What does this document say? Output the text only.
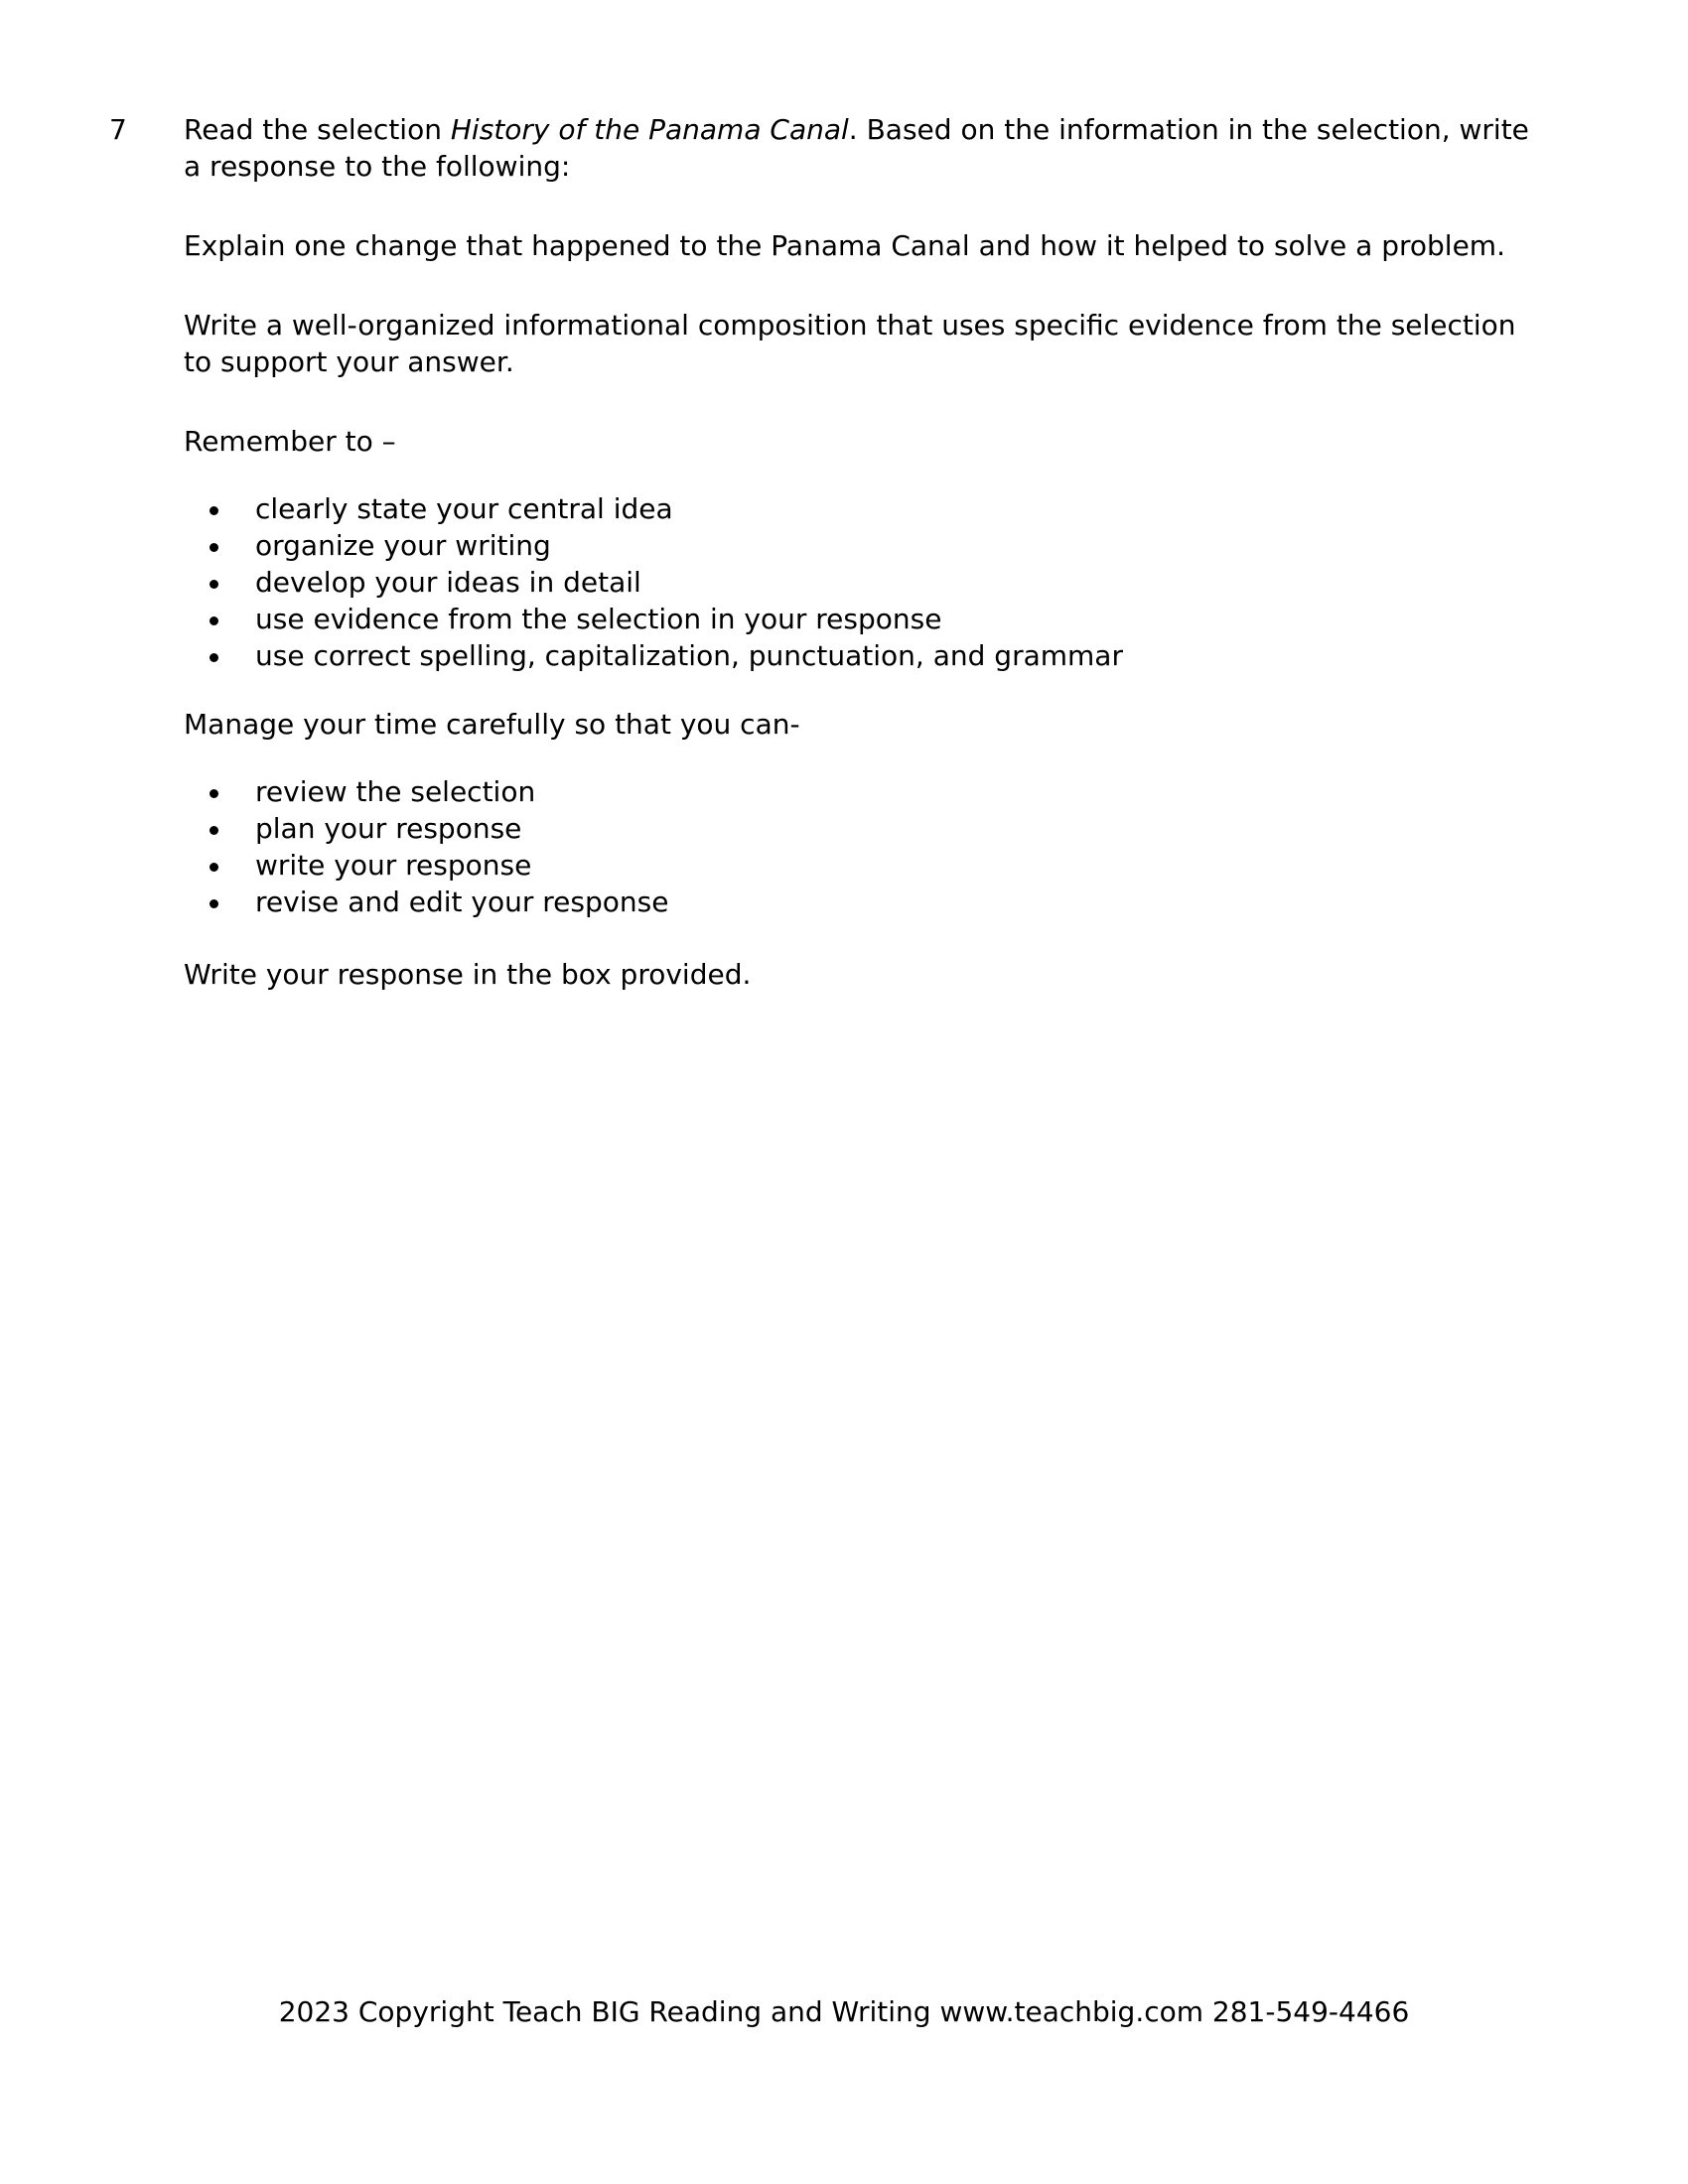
7	Read the selection History of the Panama Canal. Based on the information in the selection, write a response to the following:

Explain one change that happened to the Panama Canal and how it helped to solve a problem.

Write a well-organized informational composition that uses specific evidence from the selection to support your answer.

Remember to –

clearly state your central idea
organize your writing
develop your ideas in detail
use evidence from the selection in your response
use correct spelling, capitalization, punctuation, and grammar

Manage your time carefully so that you can-

review the selection
plan your response
write your response
revise and edit your response

Write your response in the box provided.

2023 Copyright Teach BIG Reading and Writing www.teachbig.com 281-549-4466
